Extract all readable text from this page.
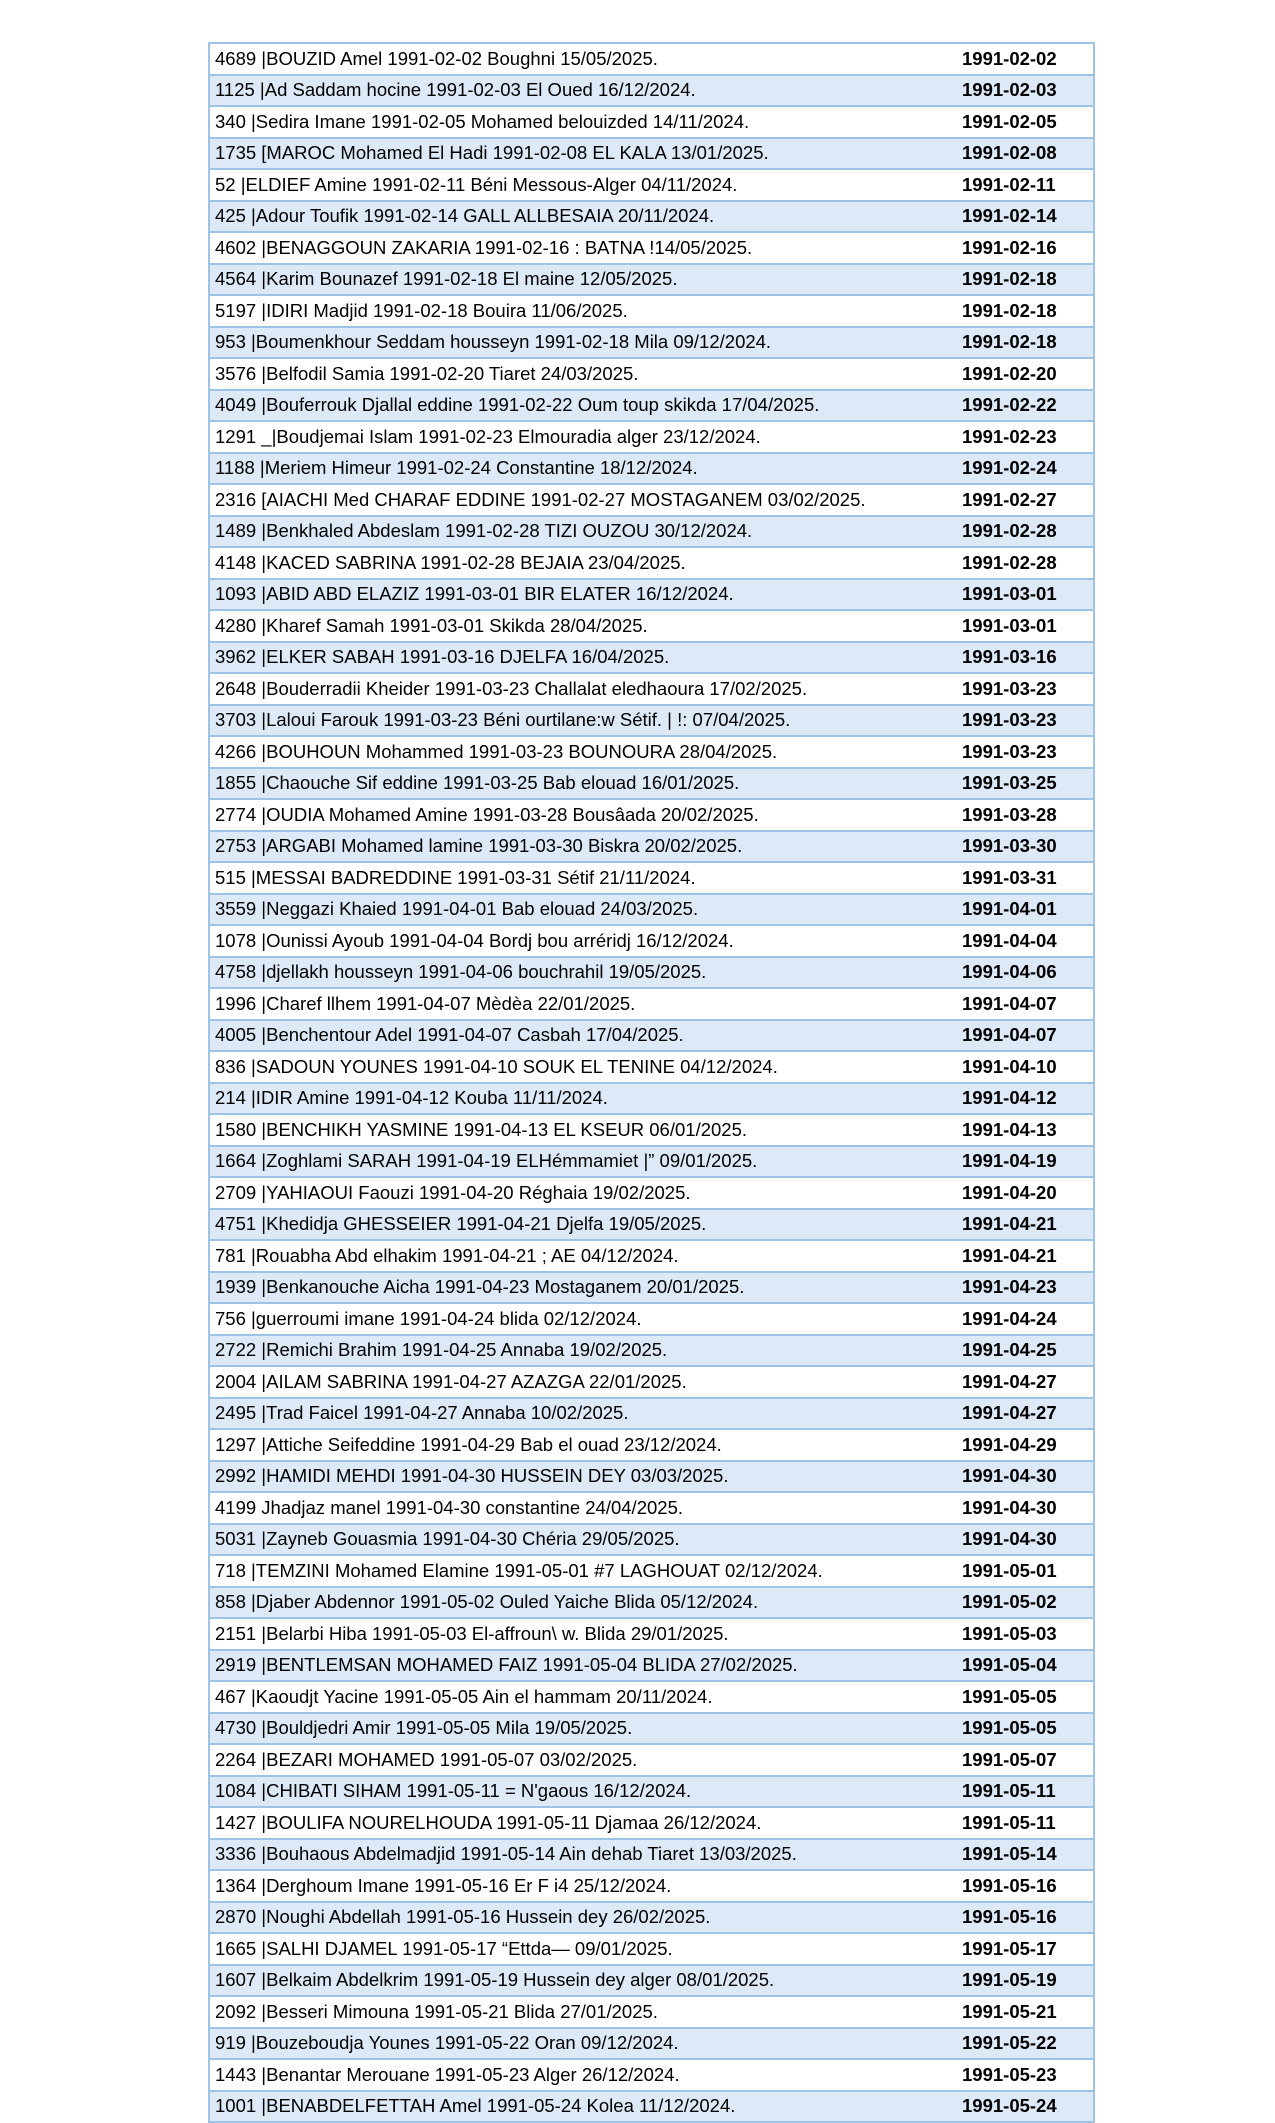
4689 |BOUZID Amel 1991-02-02 Boughni 15/05/2025.	1991-02-02
1125 |Ad Saddam hocine 1991-02-03 El Oued 16/12/2024.	1991-02-03
340 |Sedira Imane 1991-02-05 Mohamed belouizded 14/11/2024.	1991-02-05
1735 [MAROC Mohamed El Hadi 1991-02-08 EL KALA 13/01/2025.	1991-02-08
52 |ELDIEF Amine 1991-02-11 Béni Messous-Alger 04/11/2024.	1991-02-11
425 |Adour Toufik 1991-02-14 GALL ALLBESAIA 20/11/2024.	1991-02-14
4602 |BENAGGOUN ZAKARIA 1991-02-16 : BATNA !14/05/2025.	1991-02-16
4564 |Karim Bounazef 1991-02-18 El maine 12/05/2025.	1991-02-18
5197 |IDIRI Madjid 1991-02-18 Bouira 11/06/2025.	1991-02-18
953 |Boumenkhour Seddam housseyn 1991-02-18 Mila 09/12/2024.	1991-02-18
3576 |Belfodil Samia 1991-02-20 Tiaret 24/03/2025.	1991-02-20
4049 |Bouferrouk Djallal eddine 1991-02-22 Oum toup skikda 17/04/2025.	1991-02-22
1291 _|Boudjemai Islam 1991-02-23 Elmouradia alger 23/12/2024.	1991-02-23
1188 |Meriem Himeur 1991-02-24 Constantine 18/12/2024.	1991-02-24
2316 [AIACHI Med CHARAF EDDINE 1991-02-27 MOSTAGANEM 03/02/2025.	1991-02-27
1489 |Benkhaled Abdeslam 1991-02-28 TIZI OUZOU 30/12/2024.	1991-02-28
4148 |KACED SABRINA 1991-02-28 BEJAIA 23/04/2025.	1991-02-28
1093 |ABID ABD ELAZIZ 1991-03-01 BIR ELATER 16/12/2024.	1991-03-01
4280 |Kharef Samah 1991-03-01 Skikda 28/04/2025.	1991-03-01
3962 |ELKER SABAH 1991-03-16 DJELFA 16/04/2025.	1991-03-16
2648 |Bouderradii Kheider 1991-03-23 Challalat eledhaoura 17/02/2025.	1991-03-23
3703 |Laloui Farouk 1991-03-23 Béni ourtilane:w Sétif. | !: 07/04/2025.	1991-03-23
4266 |BOUHOUN Mohammed 1991-03-23 BOUNOURA 28/04/2025.	1991-03-23
1855 |Chaouche Sif eddine 1991-03-25 Bab elouad 16/01/2025.	1991-03-25
2774 |OUDIA Mohamed Amine 1991-03-28 Bousâada 20/02/2025.	1991-03-28
2753 |ARGABI Mohamed lamine 1991-03-30 Biskra 20/02/2025.	1991-03-30
515 |MESSAI BADREDDINE 1991-03-31 Sétif 21/11/2024.	1991-03-31
3559 |Neggazi Khaied 1991-04-01 Bab elouad 24/03/2025.	1991-04-01
1078 |Ounissi Ayoub 1991-04-04 Bordj bou arréridj 16/12/2024.	1991-04-04
4758 |djellakh housseyn 1991-04-06 bouchrahil 19/05/2025.	1991-04-06
1996 |Charef llhem 1991-04-07 Mèdèa 22/01/2025.	1991-04-07
4005 |Benchentour Adel 1991-04-07 Casbah 17/04/2025.	1991-04-07
836 |SADOUN YOUNES 1991-04-10 SOUK EL TENINE 04/12/2024.	1991-04-10
214 |IDIR Amine 1991-04-12 Kouba 11/11/2024.	1991-04-12
1580 |BENCHIKH YASMINE 1991-04-13 EL KSEUR 06/01/2025.	1991-04-13
1664 |Zoghlami SARAH 1991-04-19 ELHémmamiet |” 09/01/2025.	1991-04-19
2709 |YAHIAOUI Faouzi 1991-04-20 Réghaia 19/02/2025.	1991-04-20
4751 |Khedidja GHESSEIER 1991-04-21 Djelfa 19/05/2025.	1991-04-21
781 |Rouabha Abd elhakim 1991-04-21 ; AE 04/12/2024.	1991-04-21
1939 |Benkanouche Aicha 1991-04-23 Mostaganem 20/01/2025.	1991-04-23
756 |guerroumi imane 1991-04-24 blida 02/12/2024.	1991-04-24
2722 |Remichi Brahim 1991-04-25 Annaba 19/02/2025.	1991-04-25
2004 |AILAM SABRINA 1991-04-27 AZAZGA 22/01/2025.	1991-04-27
2495 |Trad Faicel 1991-04-27 Annaba 10/02/2025.	1991-04-27
1297 |Attiche Seifeddine 1991-04-29 Bab el ouad 23/12/2024.	1991-04-29
2992 |HAMIDI MEHDI 1991-04-30 HUSSEIN DEY 03/03/2025.	1991-04-30
4199 Jhadjaz manel 1991-04-30 constantine 24/04/2025.	1991-04-30
5031 |Zayneb Gouasmia 1991-04-30 Chéria 29/05/2025.	1991-04-30
718 |TEMZINI Mohamed Elamine 1991-05-01 #7 LAGHOUAT 02/12/2024.	1991-05-01
858 |Djaber Abdennor 1991-05-02 Ouled Yaiche Blida 05/12/2024.	1991-05-02
2151 |Belarbi Hiba 1991-05-03 El-affroun\ w. Blida 29/01/2025.	1991-05-03
2919 |BENTLEMSAN MOHAMED FAIZ 1991-05-04 BLIDA 27/02/2025.	1991-05-04
467 |Kaoudjt Yacine 1991-05-05 Ain el hammam 20/11/2024.	1991-05-05
4730 |Bouldjedri Amir 1991-05-05 Mila 19/05/2025.	1991-05-05
2264 |BEZARI MOHAMED 1991-05-07 03/02/2025.	1991-05-07
1084 |CHIBATI SIHAM 1991-05-11 = N'gaous 16/12/2024.	1991-05-11
1427 |BOULIFA NOURELHOUDA 1991-05-11 Djamaa 26/12/2024.	1991-05-11
3336 |Bouhaous Abdelmadjid 1991-05-14 Ain dehab Tiaret 13/03/2025.	1991-05-14
1364 |Derghoum Imane 1991-05-16 Er F i4 25/12/2024.	1991-05-16
2870 |Noughi Abdellah 1991-05-16 Hussein dey 26/02/2025.	1991-05-16
1665 |SALHI DJAMEL 1991-05-17 “Ettda— 09/01/2025.	1991-05-17
1607 |Belkaim Abdelkrim 1991-05-19 Hussein dey alger 08/01/2025.	1991-05-19
2092 |Besseri Mimouna 1991-05-21 Blida 27/01/2025.	1991-05-21
919 |Bouzeboudja Younes 1991-05-22 Oran 09/12/2024.	1991-05-22
1443 |Benantar Merouane 1991-05-23 Alger 26/12/2024.	1991-05-23
1001 |BENABDELFETTAH Amel 1991-05-24 Kolea 11/12/2024.	1991-05-24
